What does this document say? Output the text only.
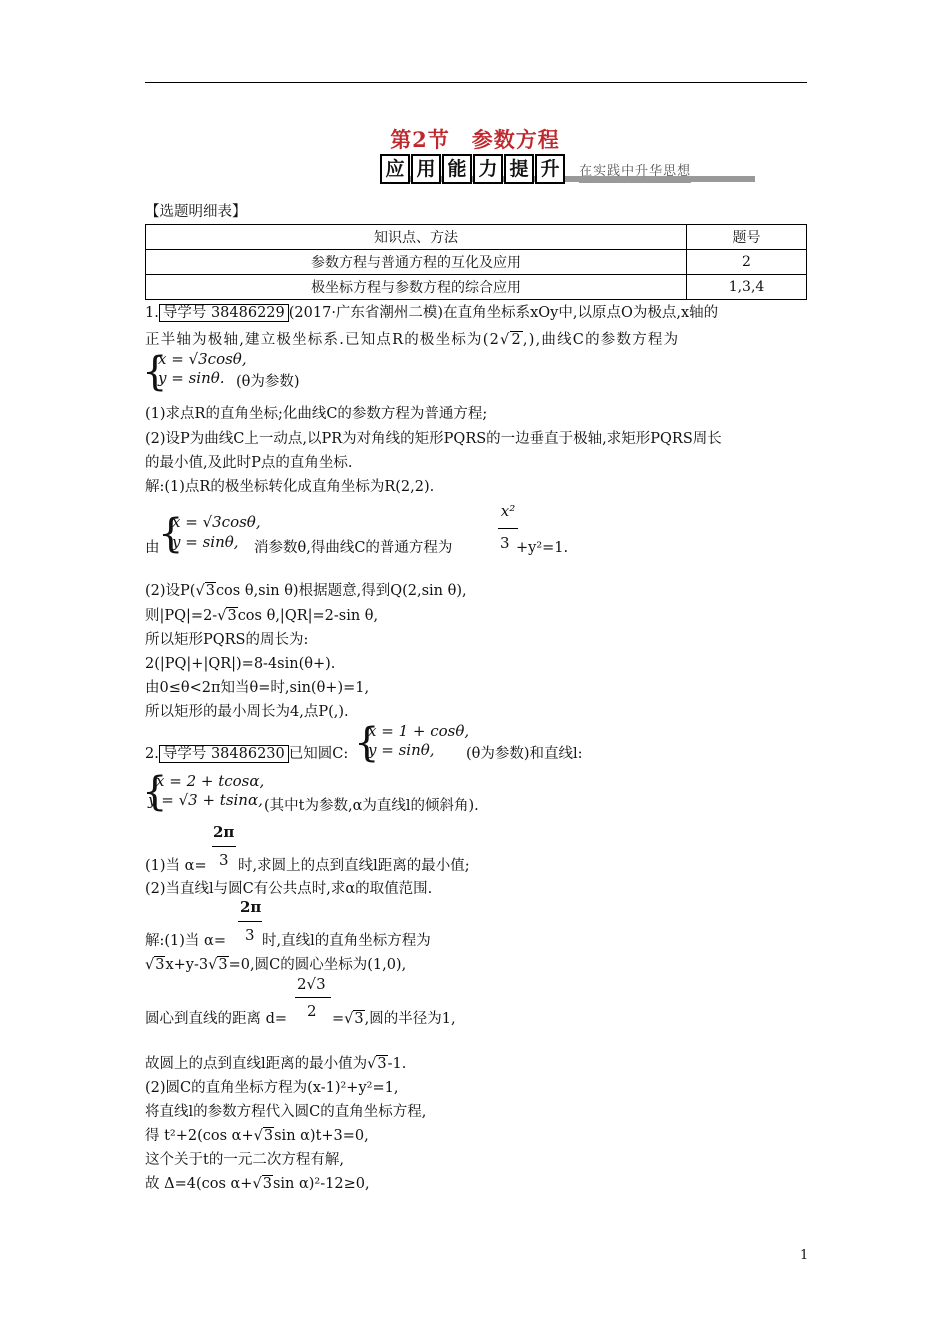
第2节　参数方程
应 用 能 力 提 升 在实践中升华思想
【选题明细表】
知识点、方法	题号
参数方程与普通方程的互化及应用	2
极坐标方程与参数方程的综合应用	1,3,4
1. 导学号 38486229 (2017·广东省潮州二模)在直角坐标系xOy中,以原点O为极点,x轴的
正半轴为极轴,建立极坐标系.已知点R的极坐标为(2√2,),曲线C的参数方程为
{
x = √3cosθ,
y = sinθ. (θ为参数)
(1)求点R的直角坐标;化曲线C的参数方程为普通方程;
(2)设P为曲线C上一动点,以PR为对角线的矩形PQRS的一边垂直于极轴,求矩形PQRS周长
的最小值,及此时P点的直角坐标.
解:(1)点R的极坐标转化成直角坐标为R(2,2).
{
x = √3cosθ,
y = sinθ,
由	消参数θ,得曲线C的普通方程为
x²
3 +y²=1.
(2)设P(√3cos θ,sin θ)根据题意,得到Q(2,sin θ),
则|PQ|=2-√3cos θ,|QR|=2-sin θ,
所以矩形PQRS的周长为:
2(|PQ|+|QR|)=8-4sin(θ+).
由0≤θ<2π知当θ=时,sin(θ+)=1,
所以矩形的最小周长为4,点P(,).
2. 导学号 38486230 已知圆C: {
x = 1 + cosθ,
y = sinθ, (θ为参数)和直线l:
{
x = 2 + tcosα,
y = √3 + tsinα, (其中t为参数,α为直线l的倾斜角).
2π
3
(1)当 α= 时,求圆上的点到直线l距离的最小值;
(2)当直线l与圆C有公共点时,求α的取值范围.
2π
3
解:(1)当 α= 时,直线l的直角坐标方程为
√3x+y-3√3=0,圆C的圆心坐标为(1,0),
2√3
2
圆心到直线的距离 d=	=√3,圆的半径为1,
故圆上的点到直线l距离的最小值为√3-1.
(2)圆C的直角坐标方程为(x-1)²+y²=1,
将直线l的参数方程代入圆C的直角坐标方程,
得 t²+2(cos α+√3sin α)t+3=0,
这个关于t的一元二次方程有解,
故 Δ=4(cos α+√3sin α)²-12≥0,
1
